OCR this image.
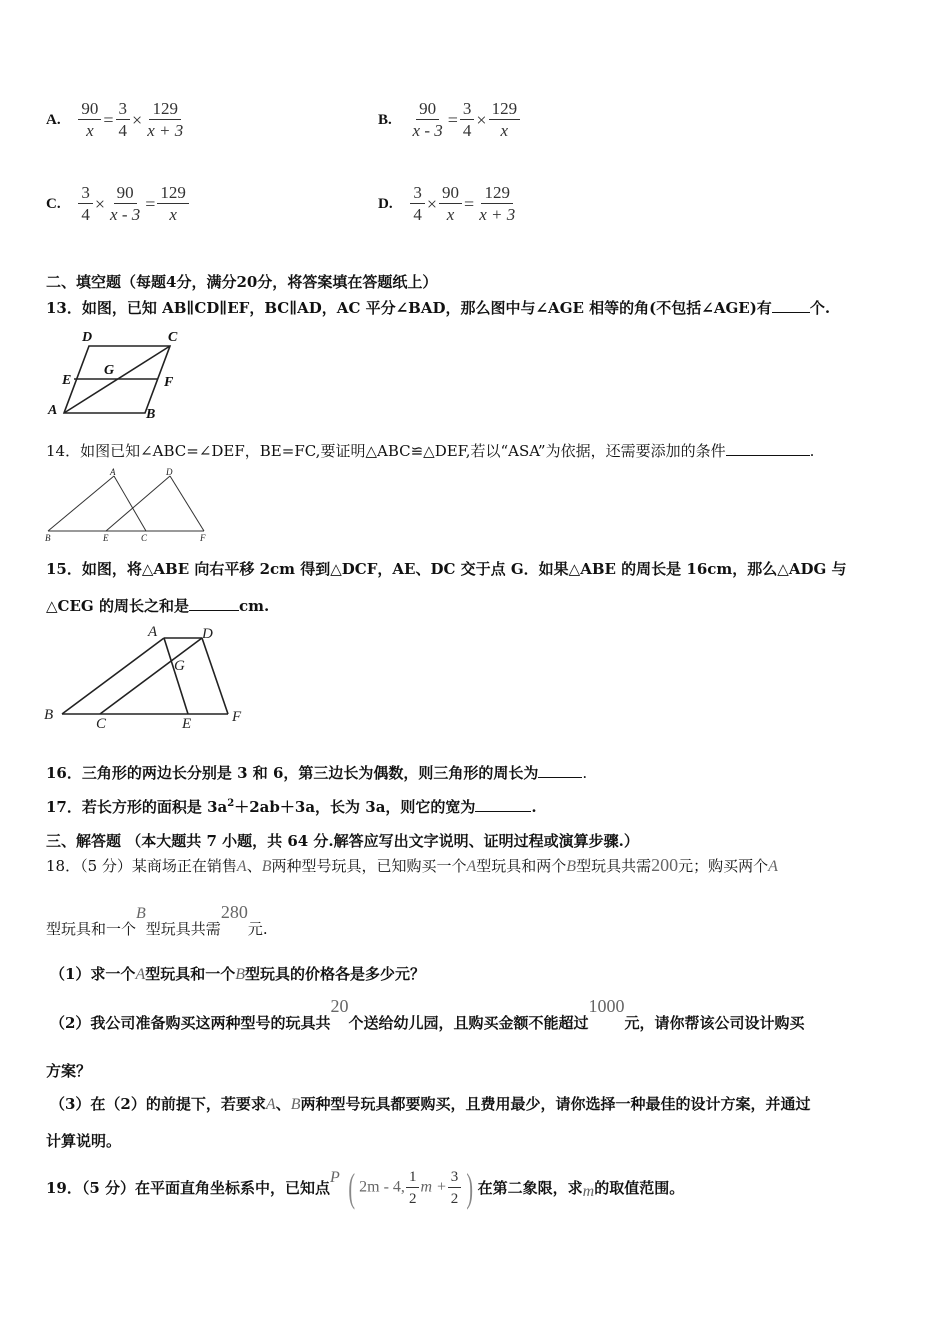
A. $\frac{90}{x} = \frac{3}{4} \times \frac{129}{x + 3}$	B. $\frac{90}{x - 3} = \frac{3}{4} \times \frac{129}{x}$
C. $\frac{3}{4} \times \frac{90}{x - 3} = \frac{129}{x}$	D. $\frac{3}{4} \times \frac{90}{x} = \frac{129}{x + 3}$
二、填空题（每题4分，满分20分，将答案填在答题纸上）
13．如图，已知 AB∥CD∥EF，BC∥AD，AC 平分∠BAD，那么图中与∠AGE 相等的角(不包括∠AGE)有	个.
D	C
E
G
F
A	B
14．如图已知∠ABC=∠DEF，BE=FC,要证明△ABC≌△DEF,若以“ASA”为依据，还需要添加的条件	.
A	D
B	E	C	F
15．如图，将△ABE 向右平移 2cm 得到△DCF，AE、DC 交于点 G．如果△ABE 的周长是 16cm，那么△ADG 与
△CEG 的周长之和是	cm.
A	D
G
B
C	E	F
16．三角形的两边长分别是 3 和 6，第三边长为偶数，则三角形的周长为	.
17．若长方形的面积是 $3a^2+2ab+3a$，长为 3a，则它的宽为	.
三、解答题 （本大题共 7 小题，共 64 分.解答应写出文字说明、证明过程或演算步骤.）
18．（5 分）某商场正在销售A、B两种型号玩具，已知购买一个A型玩具和两个B型玩具共需200元；购买两个A
型玩具和一个B型玩具共需280元.
（1）求一个A型玩具和一个B型玩具的价格各是多少元？
（2）我公司准备购买这两种型号的玩具共20个送给幼儿园，且购买金额不能超过1000元，请你帮该公司设计购买
方案？
（3）在（2）的前提下，若要求A、B两种型号玩具都要购买，且费用最少，请你选择一种最佳的设计方案，并通过
计算说明。
19．（5 分）在平面直角坐标系中，已知点P ( 2m - 4, $\frac{1}{2}$ $m + \frac{3}{2}$ ) 在第二象限，求m的取值范围。
